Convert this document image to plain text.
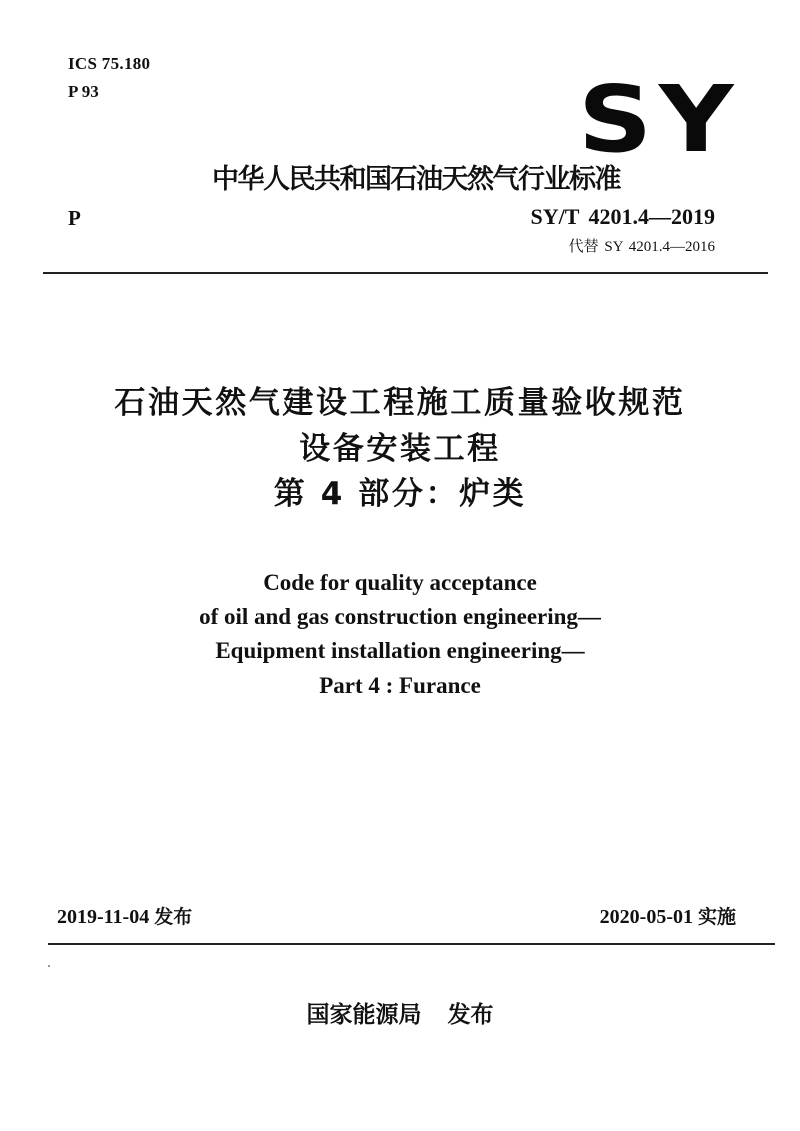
ICS 75.180
P 93	SY
中华人民共和国石油天然气行业标准
P	SY/T 4201.4—2019
代替 SY 4201.4—2016
石油天然气建设工程施工质量验收规范
设备安装工程
第 4 部分：炉类
Code for quality acceptance
of oil and gas construction engineering—
Equipment installation engineering—
Part 4 : Furance
2019-11-04 发布	2020-05-01 实施
国家能源局 发布
